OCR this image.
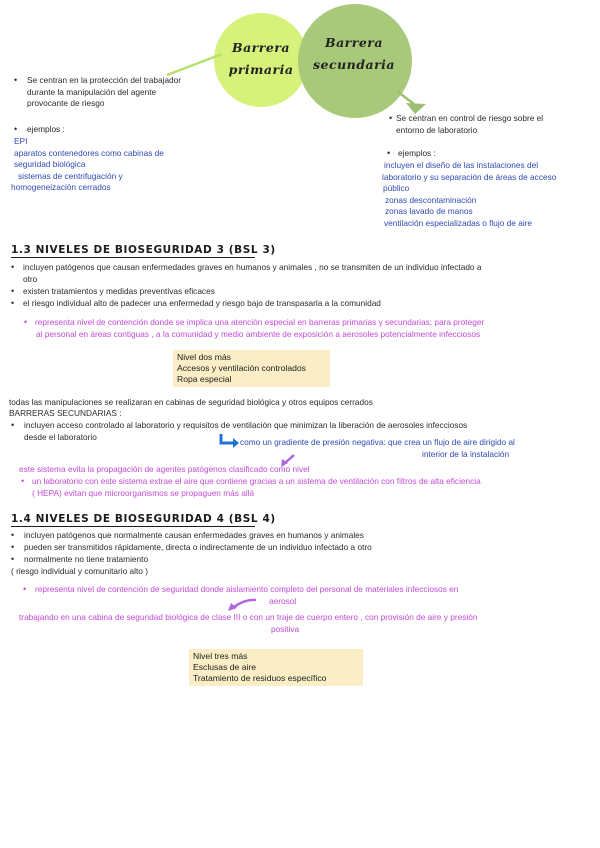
Barrera
primaria
Barrera
secundaria
• Se centran en la protección del trabajador
durante la manipulación del agente
provocante de riesgo
• ejemplos :
EPI
aparatos contenedores como cabinas de
seguridad biológica
sistemas de centrifugación y
homogeneización cerrados
• Se centran en control de riesgo sobre el
entorno de laboratorio
• ejemplos :
incluyen el diseño de las instalaciones del
laboratorio y su separación de áreas de acceso
público
zonas descontaminación
zonas lavado de manos
ventilación especializadas o flujo de aire
1.3 NIVELES DE BIOSEGURIDAD 3 (BSL 3)
• incluyen patógenos que causan enfermedades graves en humanos y animales , no se transmiten de un individuo infectado a
otro
• existen tratamientos y medidas preventivas eficaces
• el riesgo individual alto de padecer una enfermedad y riesgo bajo de transpasarla a la comunidad
• representa nivel de contención donde se implica una atención especial en barreras primarias y secundarias; para proteger
al personal en áreas contiguas , a la comunidad y medio ambiente de exposición a aerosoles potencialmente infecciosos
Nivel dos más
Accesos y ventilación controlados
Ropa especial
todas las manipulaciones se realizaran en cabinas de seguridad biológica y otros equipos cerrados
BARRERAS SECUNDARIAS :
• incluyen acceso controlado al laboratorio y requisitos de ventilación que minimizan la liberación de aerosoles infecciosos
desde el laboratorio
como un gradiente de presión negativa: que crea un flujo de aire dirigido al
interior de la instalación
este sistema evita la propagación de agentes patógenos clasificado como nivel
• un laboratorio con este sistema extrae el aire que contiene gracias a un sistema de ventilación con filtros de alta eficiencia
( HEPA) evitan que microorganismos se propaguen más allá
1.4 NIVELES DE BIOSEGURIDAD 4 (BSL 4)
• incluyen patógenos que normalmente causan enfermedades graves en humanos y animales
• pueden ser transmitidos rápidamente, directa o indirectamente de un individuo infectado a otro
• normalmente no tiene tratamiento
( riesgo individual y comunitario alto )
• representa nivel de contención de seguridad donde aislamiento completo del personal de materiales infecciosos en
aerosol
trabajando en una cabina de seguridad biológica de clase III o con un traje de cuerpo entero , con provisión de aire y presión
positiva
Nivel tres más
Esclusas de aire
Tratamiento de residuos específico
